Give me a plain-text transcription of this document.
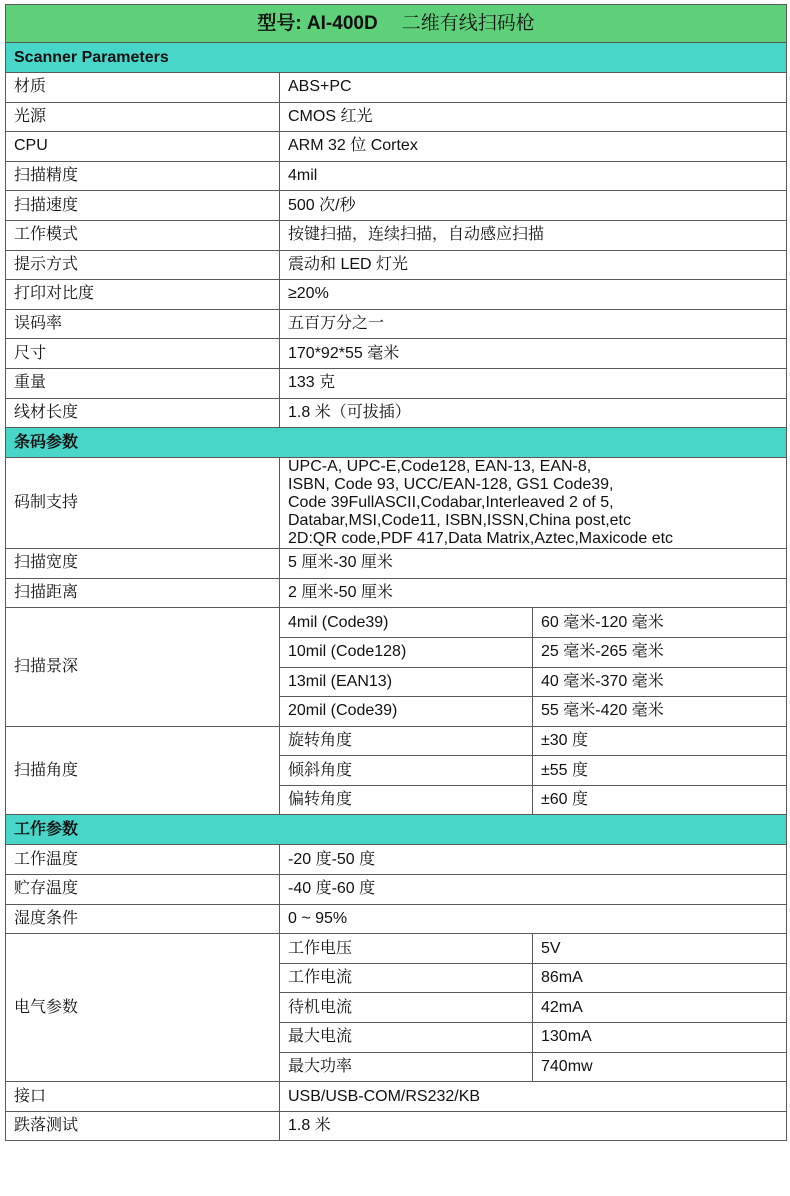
型号: AI-400D 二维有线扫码枪		
Scanner Parameters		
材质	ABS+PC	
光源	CMOS 红光	
CPU	ARM 32 位 Cortex	
扫描精度	4mil	
扫描速度	500 次/秒	
工作模式	按键扫描，连续扫描，自动感应扫描	
提示方式	震动和 LED 灯光	
打印对比度	≥20%	
误码率	五百万分之一	
尺寸	170*92*55 毫米	
重量	133 克	
线材长度	1.8 米（可拔插）	
条码参数		
码制支持	UPC-A, UPC-E,Code128, EAN-13, EAN-8,
ISBN, Code 93, UCC/EAN-128, GS1 Code39,
Code 39FullASCII,Codabar,Interleaved 2 of 5,
Databar,MSI,Code11, ISBN,ISSN,China post,etc
2D:QR code,PDF 417,Data Matrix,Aztec,Maxicode etc	

扫描宽度	5 厘米-30 厘米	
扫描距离	2 厘米-50 厘米	
扫描景深	4mil (Code39)	60 毫米-120 毫米
	10mil (Code128)	25 毫米-265 毫米
	13mil (EAN13)	40 毫米-370 毫米
	20mil (Code39)	55 毫米-420 毫米
扫描角度	旋转角度	±30 度
	倾斜角度	±55 度
	偏转角度	±60 度
工作参数		
工作温度	-20 度-50 度	
贮存温度	-40 度-60 度	
湿度条件	0 ~ 95%	
电气参数	工作电压	5V
	工作电流	86mA
	待机电流	42mA
	最大电流	130mA
	最大功率	740mw
接口	USB/USB-COM/RS232/KB	
跌落测试	1.8 米	
